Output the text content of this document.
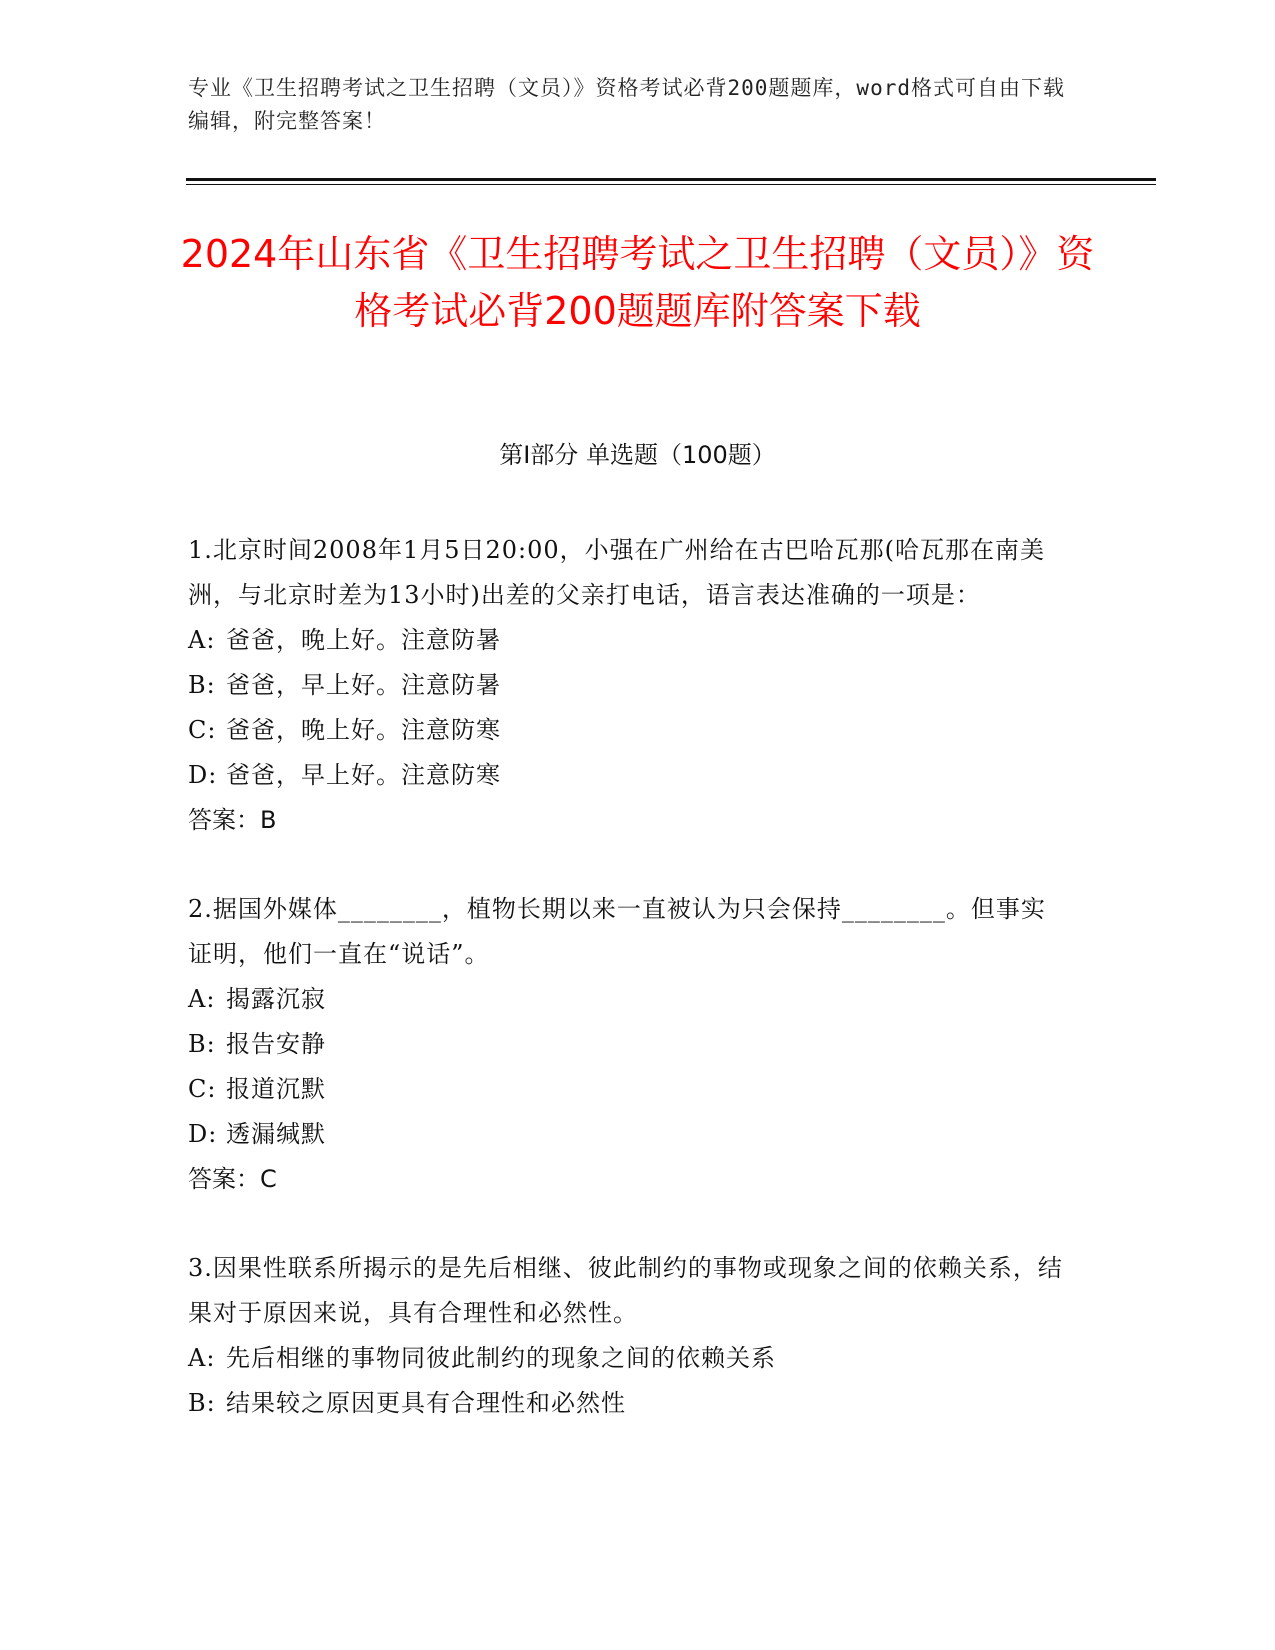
专业《卫生招聘考试之卫生招聘（文员）》资格考试必背200题题库，word格式可自由下载编辑，附完整答案！
2024年山东省《卫生招聘考试之卫生招聘（文员）》资格考试必背200题题库附答案下载
第Ⅰ部分 单选题（100题）
1.北京时间2008年1月5日20:00，小强在广州给在古巴哈瓦那(哈瓦那在南美洲，与北京时差为13小时)出差的父亲打电话，语言表达准确的一项是：
A: 爸爸，晚上好。注意防暑
B: 爸爸，早上好。注意防暑
C: 爸爸，晚上好。注意防寒
D: 爸爸，早上好。注意防寒
答案：B
2.据国外媒体________，植物长期以来一直被认为只会保持________。但事实证明，他们一直在“说话”。
A: 揭露沉寂
B: 报告安静
C: 报道沉默
D: 透漏缄默
答案：C
3.因果性联系所揭示的是先后相继、彼此制约的事物或现象之间的依赖关系，结果对于原因来说，具有合理性和必然性。
A: 先后相继的事物同彼此制约的现象之间的依赖关系
B: 结果较之原因更具有合理性和必然性
